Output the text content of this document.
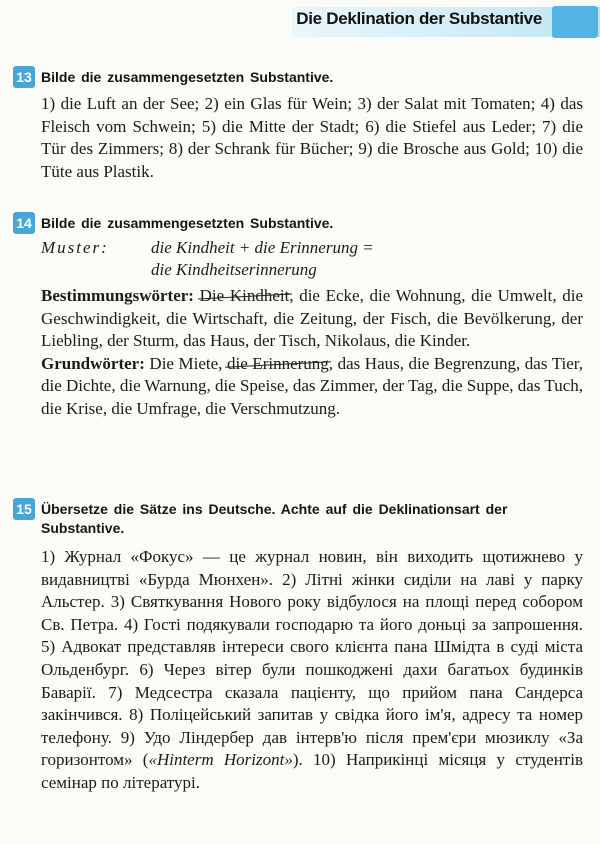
Die Deklination der Substantive
13 Bilde die zusammengesetzten Substantive.
1) die Luft an der See; 2) ein Glas für Wein; 3) der Salat mit Tomaten; 4) das Fleisch vom Schwein; 5) die Mitte der Stadt; 6) die Stiefel aus Leder; 7) die Tür des Zimmers; 8) der Schrank für Bücher; 9) die Brosche aus Gold; 10) die Tüte aus Plastik.
14 Bilde die zusammengesetzten Substantive.
Muster: die Kindheit + die Erinnerung =
die Kindheitserinnerung
Bestimmungswörter: Die Kindheit, die Ecke, die Wohnung, die Umwelt, die Geschwindigkeit, die Wirtschaft, die Zeitung, der Fisch, die Bevölkerung, der Liebling, der Sturm, das Haus, der Tisch, Nikolaus, die Kinder.
Grundwörter: Die Miete, die Erinnerung, das Haus, die Begrenzung, das Tier, die Dichte, die Warnung, die Speise, das Zimmer, der Tag, die Suppe, das Tuch, die Krise, die Umfrage, die Verschmutzung.
15 Übersetze die Sätze ins Deutsche. Achte auf die Deklinationsart der Substantive.
1) Журнал «Фокус» — це журнал новин, він виходить щотижнево у видавництві «Бурда Мюнхен». 2) Літні жінки сиділи на лаві у парку Альстер. 3) Святкування Нового року відбулося на площі перед собором Св. Петра. 4) Гості подякували господарю та його доньці за запрошення. 5) Адвокат представляв інтереси свого клієнта пана Шмідта в суді міста Ольденбург. 6) Через вітер були пошкоджені дахи багатьох будинків Баварії. 7) Медсестра сказала пацієнту, що прийом пана Сандерса закінчився. 8) Поліцейський запитав у свідка його ім'я, адресу та номер телефону. 9) Удо Ліндербер дав інтерв'ю після прем'єри мюзиклу «За горизонтом» («Hinterm Horizont»). 10) Наприкінці місяця у студентів семінар по літературі.
